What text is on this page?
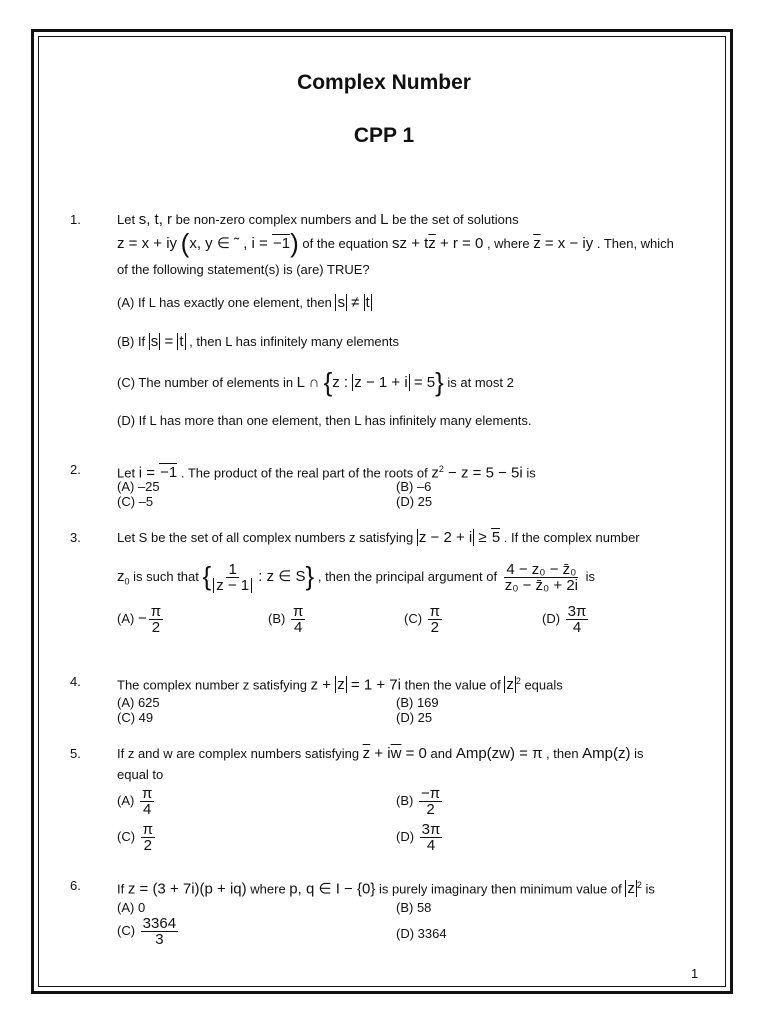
Complex Number
CPP 1
1.	Let s, t, r be non-zero complex numbers and L be the set of solutions
z = x + iy (x, y ∈ ˜ , i = −1) of the equation sz + $t\overline{z} + r = 0$ , where $\overline{z} = x$ − iy . Then, which
of the following statement(s) is (are) TRUE?
(A) If L has exactly one element, then s ≠ t
(B) If s = t , then L has infinitely many elements
(C) The number of elements in L ∩ {z : z − 1 + i = 5} is at most 2
(D) If L has more than one element, then L has infinitely many elements.
2.	Let i = −1 . The product of the real part of the roots of $z^2 - z = 5 - 5i$ is
(A) –25	(B) –6
(C) –5	(D) 25
3.	Let S be the set of all complex numbers z satisfying z − 2 + i ≥ 5 . If the complex number
$z_0$ is such that { $\frac{1}{z - 1}$ : z ∈ S} , then the principal argument of $\frac{\text{4 − z₀ − z̄₀}}{\text{z₀ − z̄₀ + 2i}}$ is
$(A) - \frac{\pi}{2}$	$(B) \frac{\pi}{4}$	$(C) \frac{\pi}{2}$	$(D) \frac{3\pi}{4}$
4.	The complex number z satisfying z + z = 1 + 7i then the value of z $^2$ equals
(A) 625	(B) 169
(C) 49	(D) 25
5.	If z and w are complex numbers satisfying $\overline{z} + i\overline{w} = 0$ and Amp(zw) = π , then Amp(z) is
equal to
$(A) \frac{\pi}{4}$	$(B) \frac{-\pi}{2}$
$(C) \frac{\pi}{2}$	$(D) \frac{3\pi}{4}$
6.	If z = (3 + 7i)(p + iq) where p, q ∈ I − {0} is purely imaginary then minimum value of z $^2$ is
(A) 0	(B) 58
$(C) \frac{3364}{3}$	(D) 3364
1
